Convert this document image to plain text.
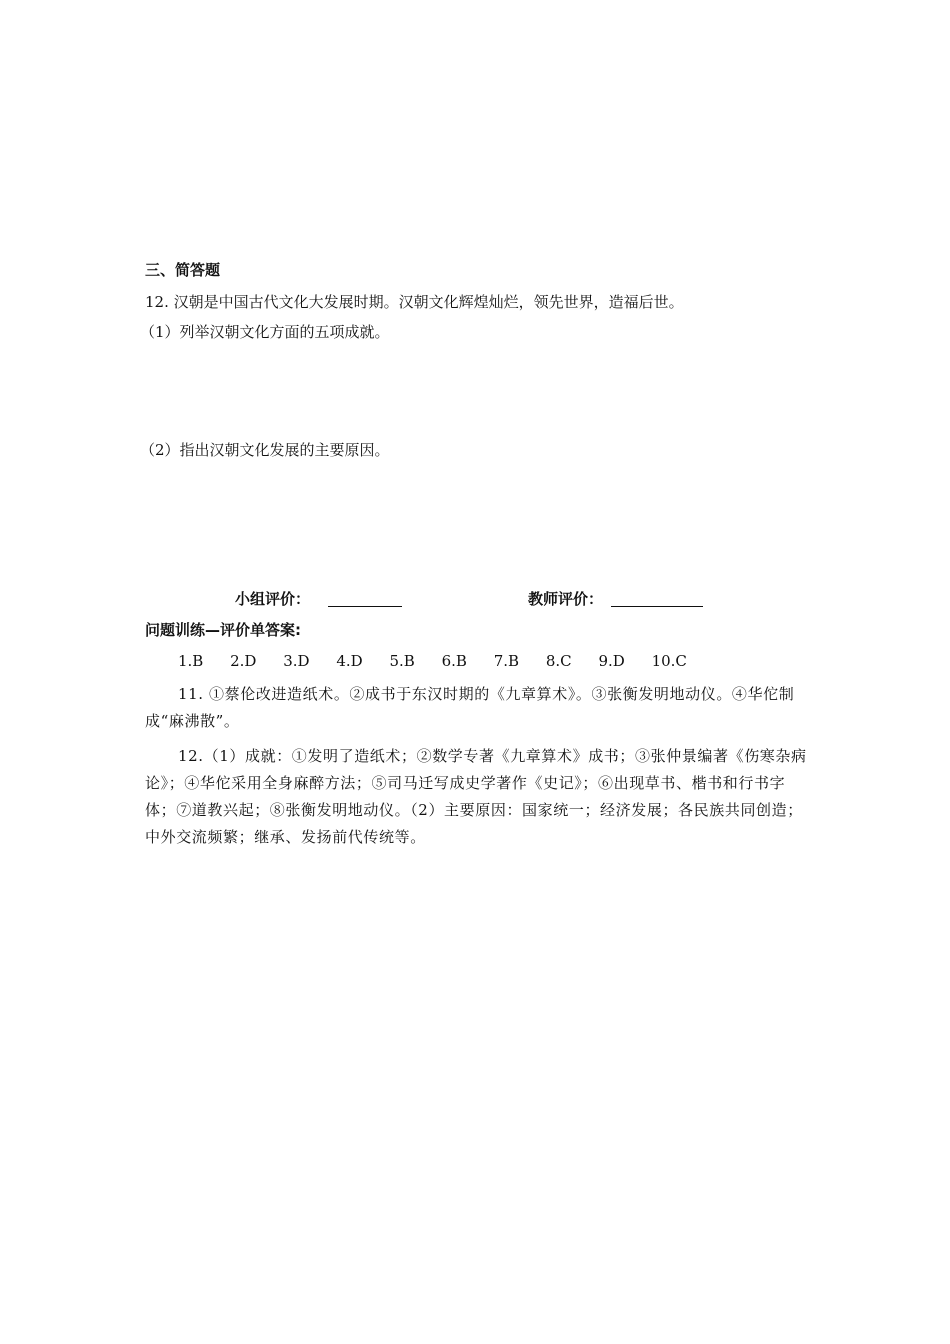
三、简答题
12. 汉朝是中国古代文化大发展时期。汉朝文化辉煌灿烂，领先世界，造福后世。
（1）列举汉朝文化方面的五项成就。
（2）指出汉朝文化发展的主要原因。
小组评价：	教师评价：
问题训练—评价单答案:
1.B 2.D 3.D 4.D 5.B 6.B 7.B 8.C 9.D 10.C
11. ①蔡伦改进造纸术。②成书于东汉时期的《九章算术》。③张衡发明地动仪。④华佗制成“麻沸散”。
12.（1）成就：①发明了造纸术；②数学专著《九章算术》成书；③张仲景编著《伤寒杂病论》；④华佗采用全身麻醉方法；⑤司马迁写成史学著作《史记》；⑥出现草书、楷书和行书字体；⑦道教兴起；⑧张衡发明地动仪。（2）主要原因：国家统一；经济发展；各民族共同创造；中外交流频繁；继承、发扬前代传统等。
